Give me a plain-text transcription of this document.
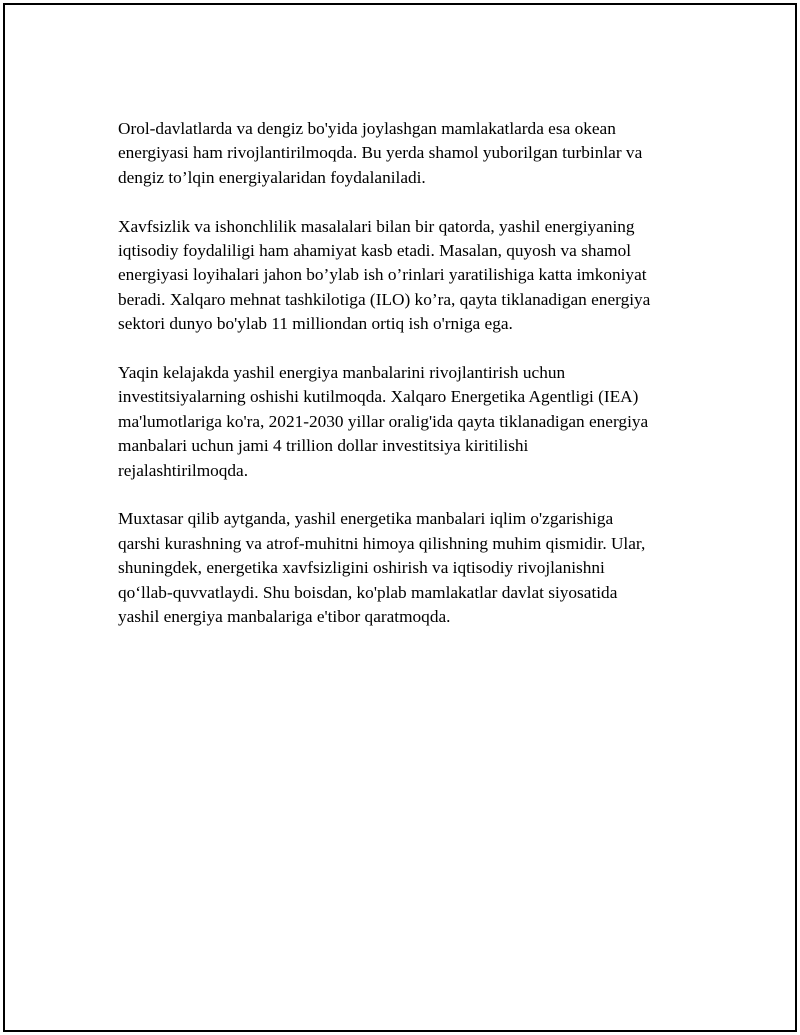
Orol-davlatlarda va dengiz bo'yida joylashgan mamlakatlarda esa okean
energiyasi ham rivojlantirilmoqda. Bu yerda shamol yuborilgan turbinlar va
dengiz to’lqin energiyalaridan foydalaniladi.

Xavfsizlik va ishonchlilik masalalari bilan bir qatorda, yashil energiyaning
iqtisodiy foydaliligi ham ahamiyat kasb etadi. Masalan, quyosh va shamol
energiyasi loyihalari jahon bo’ylab ish o’rinlari yaratilishiga katta imkoniyat
beradi. Xalqaro mehnat tashkilotiga (ILO) ko’ra, qayta tiklanadigan energiya
sektori dunyo bo'ylab 11 milliondan ortiq ish o'rniga ega.

Yaqin kelajakda yashil energiya manbalarini rivojlantirish uchun
investitsiyalarning oshishi kutilmoqda. Xalqaro Energetika Agentligi (IEA)
ma'lumotlariga ko'ra, 2021-2030 yillar oralig'ida qayta tiklanadigan energiya
manbalari uchun jami 4 trillion dollar investitsiya kiritilishi
rejalashtirilmoqda.

Muxtasar qilib aytganda, yashil energetika manbalari iqlim o'zgarishiga
qarshi kurashning va atrof-muhitni himoya qilishning muhim qismidir. Ular,
shuningdek, energetika xavfsizligini oshirish va iqtisodiy rivojlanishni
qo‘llab-quvvatlaydi. Shu boisdan, ko'plab mamlakatlar davlat siyosatida
yashil energiya manbalariga e'tibor qaratmoqda.
